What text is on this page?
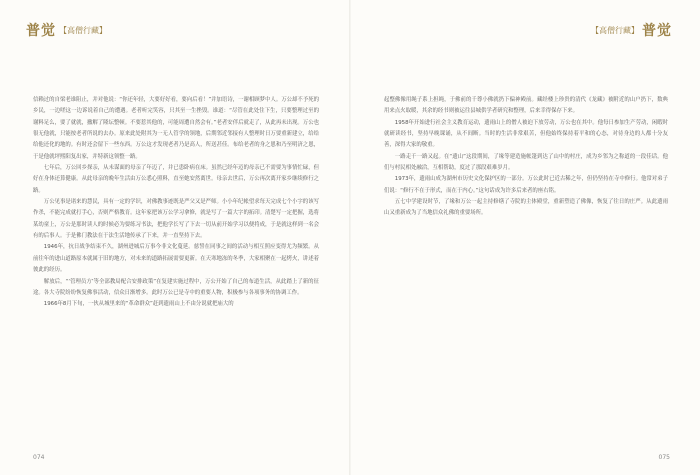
普觉 【高僧行藏】

信赖过的自梁老谁阻止，并对他说：“你还年轻，大要好好看，要向后看！”并加语诗，一谢相顾梦中人。万公却不予死的乡民，一边嗟这一边诉说着自己的遭遇。老者听完笑容，只其至一生挫毁。谁道：“尽管在此处住下生，只要整理过至的谢料足么，要了就就，撤解了隆坛整顿。不要惹其他的，可能周遭自然会有。”老者安伴后就走了，从此再未出现。万公也很无他就，只能按老者所说的去办。原来此处附其为一无人管学的领地，后期邻近邻接有人整理时日万要重新建立，给给给他还化的地的。有时还会留下一些东西。万公这才发现老者乃是高人，所送甚佳。布给老者的身之恩和乃至明济之恩，于是他就坪熙阳复出家，并特新这领整一路。

七年后，万公回乡探亲，从未谋面的母亲了年迈了，并已患卧病在床。虽然已经年迈的母亲已不需要为事情忙碌，但好在身体还算健康。从此母亲的晚年生活由万公悉心照料，直至她安然离世。母亲去世后，万公再次离开家乡继续修行之路。

万公见事是诸来的慧民，具有一定的学识，对佛教事迹既是严父又是严师。小小年纪帐望求每天完成七个小字的该写作杀，不能完成就打手心，否则严格教育。这年家把该万公学习拿修，就是写了一篇大字的拓印。清楚写一定把握，选将某幼童上，万公是那时读人的时候必为要练习书法，把他学长写了下去一切从前开始学习以便将成，于是就这样到一名会有的后事人。于是佛门教法在于法生活地传承了下来，并一直坚持下去。

1946年，抗日战争结束不久，湖州进城后万事今非文化蔓延。慈誓在同事之间的活动与相互照应变得尤为频繁。从前往年的进山道路原本就属于旧的地方，对未来的道路拓展需要更新。在天寒地冻的冬季，大家相聚在一起烤火，讲述着彼此的经历。

解放后，“‘管理员方’等全部教局配合安排政策”在复建实施过程中，万公开始了自己的布道生活，从此踏上了新的征途。各大寺院纷纷恢复佛事活动，信众日渐增多。此时万公已是寺中的重要人物，积极参与各项事务的协调工作。

1966年8月下旬，一伙从城里来的“革命群众”赶到遗雨山上不由分说就把庙大的

074
【高僧行藏】 普觉

起整佛像用绳子系上担绳，于佛前的千尊小佛就扔下偏神殿前。藏经楼上珍贵的清代《龙藏》被附近的山户扔下，数典用来点火取暖，其余的经书则被运往县城供学者研究和整理，后来幸得保存下来。

1958年开始进行社会主义教育运动，遗雨山上的僧人被迫下放劳动，万公也在其中。他每日参加生产劳动，闲暇时就研读经书，坚持早晚课诵，从不间断。当时的生活非常艰苦，但他始终保持着平和的心态，对待身边的人都十分友善，深得大家的敬重。

一路走千一路又起。在“遗山”这段期间，了缘等建造施帐篷到达了山中的村庄，成为乡邻为之称道的一段佳话。他们与村民相处融洽，互相帮助，度过了那段艰难岁月。

1973年，遗雨山成为湖州市历史文化保护区的一部分。万公此时已近古稀之年，但仍坚持在寺中修行。他常对弟子们说：“修行不在于形式，而在于内心。”这句话成为许多后来者的座右铭。

五七中学建设时节，了缘和万公一起主持修缮了寺院的主体殿堂，重新塑造了佛像，恢复了往日的庄严。从此遗雨山又重新成为了当地信众礼佛的重要场所。

075
